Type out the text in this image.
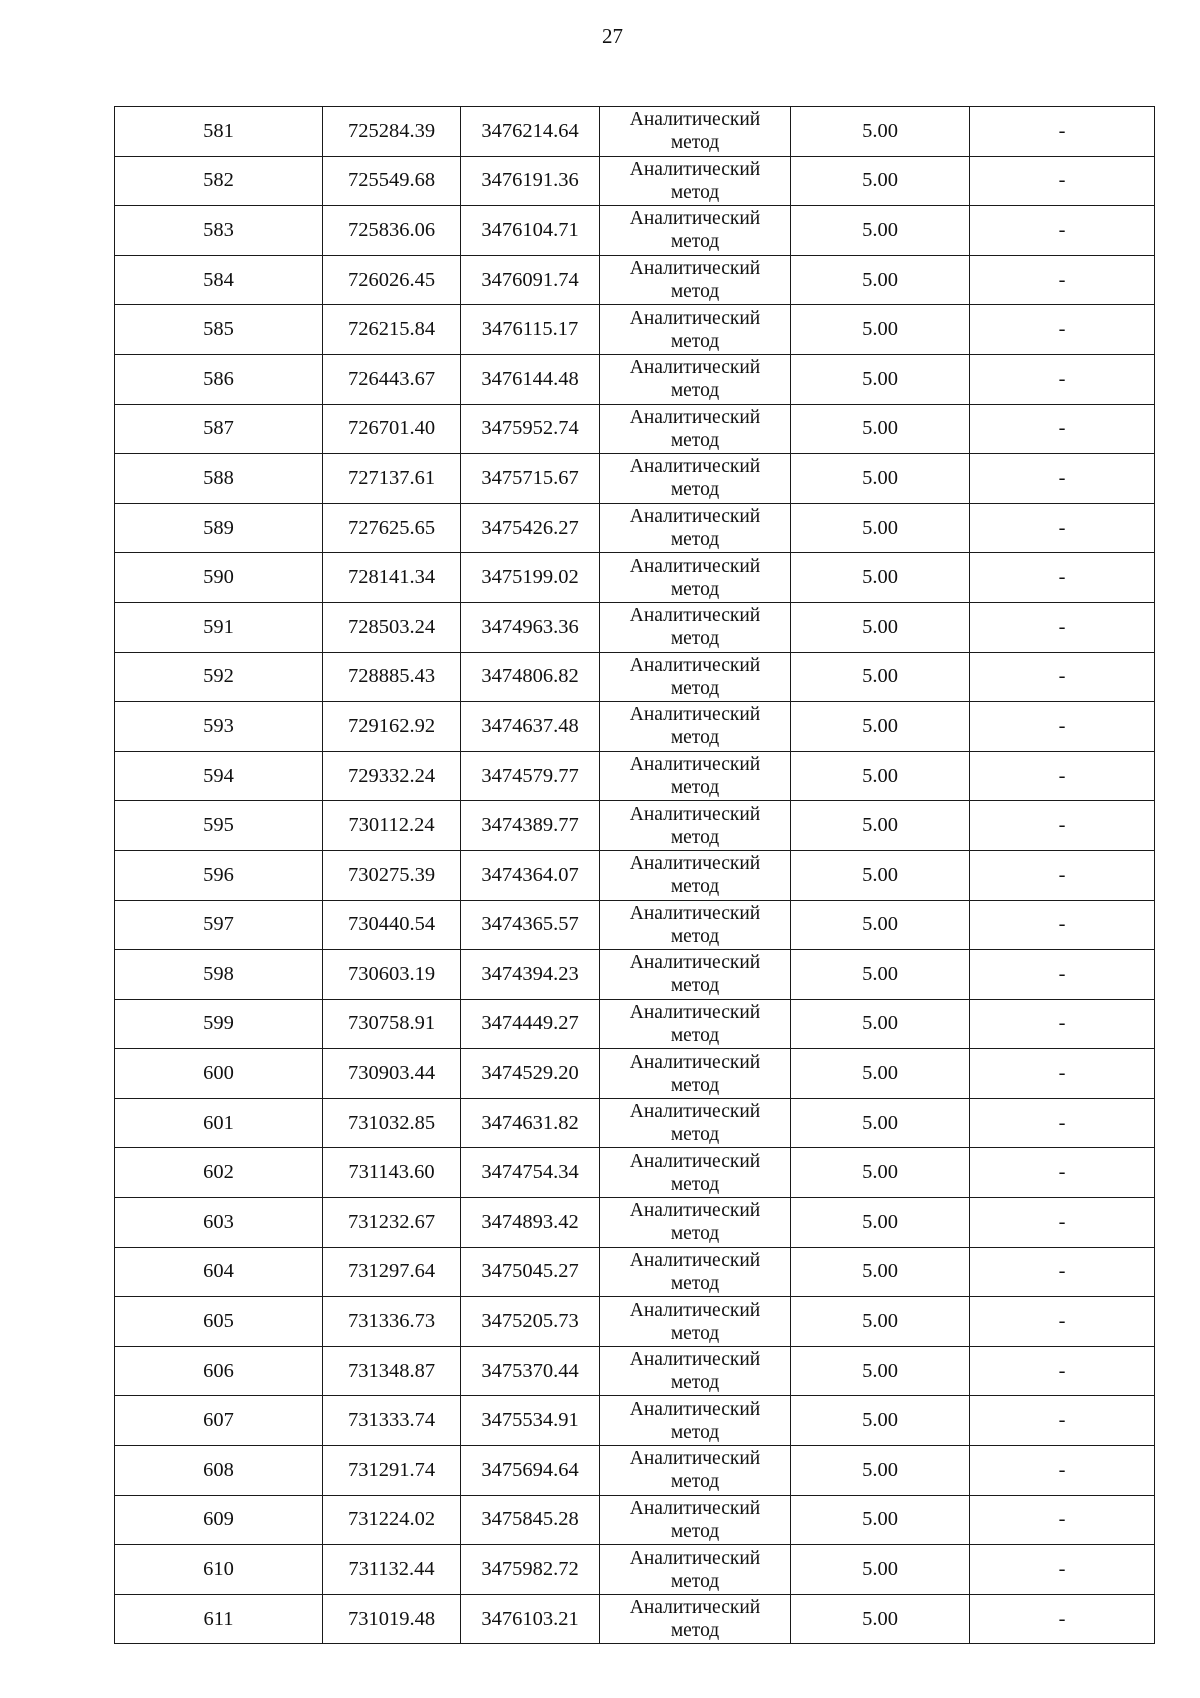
27
581	725284.39	3476214.64	Аналитический
метод	5.00	-
582	725549.68	3476191.36	Аналитический
метод	5.00	-
583	725836.06	3476104.71	Аналитический
метод	5.00	-
584	726026.45	3476091.74	Аналитический
метод	5.00	-
585	726215.84	3476115.17	Аналитический
метод	5.00	-
586	726443.67	3476144.48	Аналитический
метод	5.00	-
587	726701.40	3475952.74	Аналитический
метод	5.00	-
588	727137.61	3475715.67	Аналитический
метод	5.00	-
589	727625.65	3475426.27	Аналитический
метод	5.00	-
590	728141.34	3475199.02	Аналитический
метод	5.00	-
591	728503.24	3474963.36	Аналитический
метод	5.00	-
592	728885.43	3474806.82	Аналитический
метод	5.00	-
593	729162.92	3474637.48	Аналитический
метод	5.00	-
594	729332.24	3474579.77	Аналитический
метод	5.00	-
595	730112.24	3474389.77	Аналитический
метод	5.00	-
596	730275.39	3474364.07	Аналитический
метод	5.00	-
597	730440.54	3474365.57	Аналитический
метод	5.00	-
598	730603.19	3474394.23	Аналитический
метод	5.00	-
599	730758.91	3474449.27	Аналитический
метод	5.00	-
600	730903.44	3474529.20	Аналитический
метод	5.00	-
601	731032.85	3474631.82	Аналитический
метод	5.00	-
602	731143.60	3474754.34	Аналитический
метод	5.00	-
603	731232.67	3474893.42	Аналитический
метод	5.00	-
604	731297.64	3475045.27	Аналитический
метод	5.00	-
605	731336.73	3475205.73	Аналитический
метод	5.00	-
606	731348.87	3475370.44	Аналитический
метод	5.00	-
607	731333.74	3475534.91	Аналитический
метод	5.00	-
608	731291.74	3475694.64	Аналитический
метод	5.00	-
609	731224.02	3475845.28	Аналитический
метод	5.00	-
610	731132.44	3475982.72	Аналитический
метод	5.00	-
611	731019.48	3476103.21	Аналитический
метод	5.00	-
